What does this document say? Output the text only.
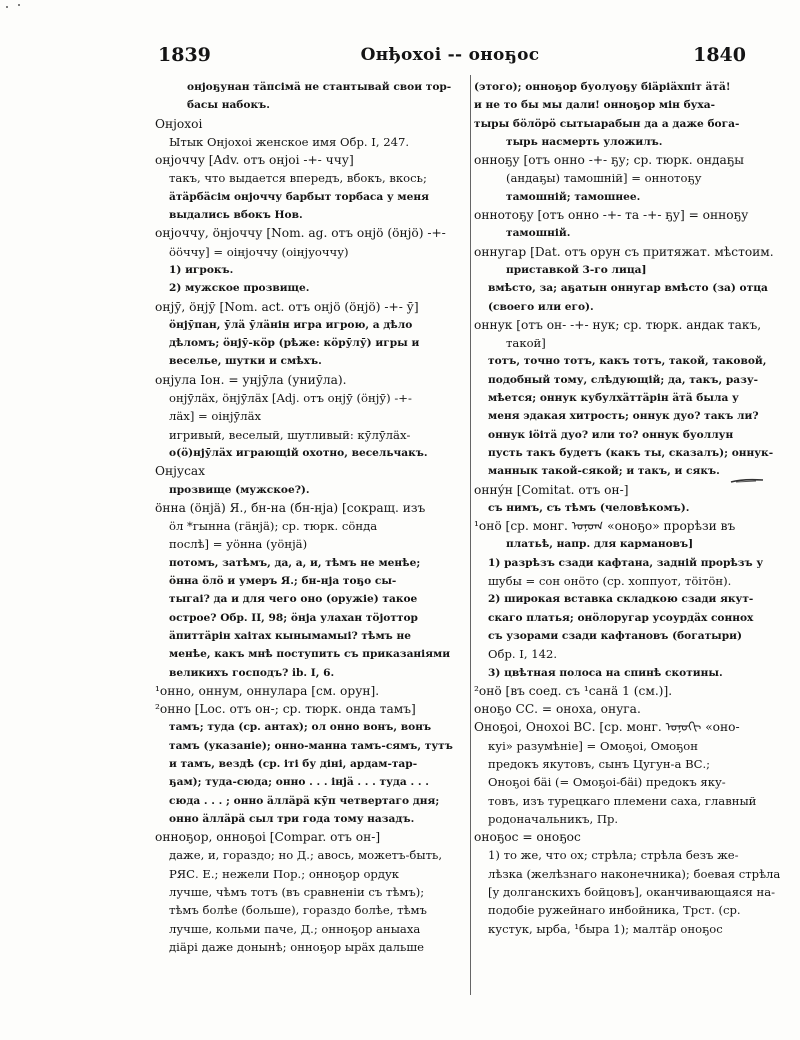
1839	Онђохоі -- оноҕос	1840
онјоҕунан тäпсімä не стантывай свои тор-
басы набокъ.
Онјохоі
Ытык Онјохоі женское имя Обр. I, 247.
онјоччу [Adv. отъ онјоі -+- ччу]
такъ, что выдается впередъ, вбокъ, вкось;
äтäрбäсім онјоччу барбыт торбаса у меня
выдались вбокъ Нов.
онјоччу, öнјоччу [Nom. ag. отъ онјö (öнјö) -+-
ööччу] = оінјоччу (оінјуоччу)
1) игрокъ.
2) мужское прозвище.
онјӯ, öнјӯ [Nom. act. отъ онјö (öнјö) -+- ӯ]
öнјӯпан, ӯлä ӯлäнін игра игрою, а дѣло
дѣломъ; öнјӯ-кöр (рѣже: кöрӯлӯ) игры и
веселье, шутки и смѣхъ.
онјула Іон. = унјӯла (униӯла).
онјӯлäх, öнјӯлäх [Adj. отъ онјӯ (öнјӯ) -+-
лäх] = оінјӯлäх
игривый, веселый, шутливый: кӯлӯлäх-
о(ö)нјӯлäх играющій охотно, весельчакъ.
Онјусах
прозвище (мужское?).
öнна (öнјä) Я., бн-на (бн-нја) [сокращ. изъ
öл *гынна (гäнјä); ср. тюрк. сöнда
послѣ] = уöнна (уöнјä)
потомъ, затѣмъ, да, а, и, тѣмъ не менѣе;
öнна öлö и умеръ Я.; бн-нја тоҕо сы-
тыгаі? да и для чего оно (оружіе) такое
острое? Обр. II, 98; öнја улахан тöјоттор
äпиттäрін хаітах кынымамыі? тѣмъ не
менѣе, какъ мнѣ поступить съ приказаніями
великихъ господъ? ib. I, 6.
¹онно, оннум, оннулара [см. орун].
²онно [Loc. отъ он-; ср. тюрк. онда тамъ]
тамъ; туда (ср. антах); ол онно вонъ, вонъ
тамъ (указаніе); онно-манна тамъ-сямъ, тутъ
и тамъ, вездѣ (ср. іті бу діні, ардам-тар-
ҕам); туда-сюда; онно . . . інјä . . . туда . . .
сюда . . . ; онно äллäрä кӯп четвертаго дня;
онно äллäрä сыл три года тому назадъ.
онноҕор, онноҕоі [Compar. отъ он-]
даже, и, гораздо; но Д.; авось, можетъ-быть,
РЯС. Е.; нежели Пор.; онноҕор ордук
лучше, чѣмъ тотъ (въ сравненіи съ тѣмъ);
тѣмъ болѣе (больше), гораздо болѣе, тѣмъ
лучше, кольми паче, Д.; онноҕор аныаха
діäрі даже донынѣ; онноҕор ырäх дальше
(этого); онноҕор буолуоҕу біäріäхпіт äтä!
и не то бы мы дали! онноҕор мін буха-
тыры бöлöрö сытыарабын да а даже бога-
тырь насмерть уложилъ.
онноҕу [отъ онно -+- ҕу; ср. тюрк. ондаҕы
(андаҕы) тамошній] = оннотоҕу
тамошній; тамошнее.
оннотоҕу [отъ онно -+- та -+- ҕу] = онноҕу
тамошній.
оннугар [Dat. отъ орун съ притяжат. мѣстоим.
приставкой 3-го лица]
вмѣсто, за; аҕатын оннугар вмѣсто (за) отца
(своего или его).
оннук [отъ он- -+- нук; ср. тюрк. андак такъ,
такой]
тотъ, точно тотъ, какъ тотъ, такой, таковой,
подобный тому, слѣдующій; да, такъ, разу-
мѣется; оннук кубулхäттäрін äтä была у
меня эдакая хитрость; оннук дуо? такъ ли?
оннук іöітä дуо? или то? оннук буоллун
пусть такъ будетъ (какъ ты, сказалъ); оннук-
маннык такой-сякой; и такъ, и сякъ.
онну́н [Comitat. отъ он-]
съ нимъ, съ тѣмъ (человѣкомъ).
¹онö [ср. монг. ᠣᠨᠣᠭ «оноҕо» прорѣзи въ
платьѣ, напр. для кармановъ]
1) разрѣзъ сзади кафтана, задній прорѣзъ у
шубы = сон онöто (ср. хоппуот, тöітöн).
2) широкая вставка складкою сзади якут-
скаго платья; онöлоругар усоурдäх сонноx
съ узорами сзади кафтановъ (богатыри)
Обр. I, 142.
3) цвѣтная полоса на спинѣ скотины.
²онö [въ соед. съ ¹санä 1 (см.)].
оноҕо СС. = оноха, онуга.
Оноҕоі, Онохоі ВС. [ср. монг. ᠣᠨᠣᠬᠢ «оно-
куі» разумѣніе] = Омоҕоі, Омоҕон
предокъ якутовъ, сынъ Цугун-а ВС.;
Оноҕоі бäі (= Омоҕоі-бäі) предокъ яку-
товъ, изъ турецкаго племени саха, главный
родоначальникъ, Пр.
оноҕос = оноҕос
1) то же, что ох; стрѣла; стрѣла безъ же-
лѣзка (желѣзнаго наконечника); боевая стрѣла
[у долганскихъ бойцовъ], оканчивающаяся на-
подобіе ружейнаго инбойника, Трст. (ср.
кустук, ырба, ¹быра 1); малтäр оноҕос
